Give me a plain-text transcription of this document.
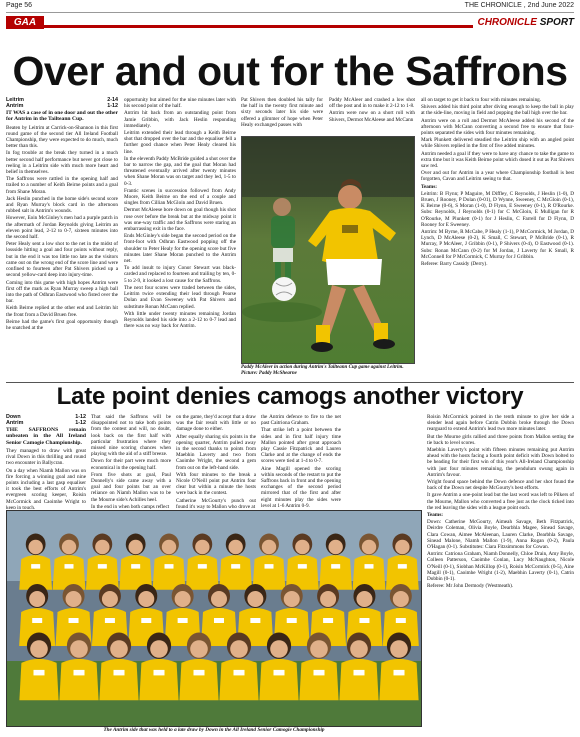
Page 56	THE CHRONICLE , 2nd June 2022
GAA	CHRONICLE SPORT
Over and out for the Saffrons
Leitrim	2-14
Antrim	1-12
IT WAS a case of in one door and out the other for Antrim in the Tailteann Cup.

Beaten by Leitrim at Carrick-on-Shannon in this first round game of the second tier All Ireland Football Championship, they were expected to do much, much better than this.

In fog trouble at the break they turned in a much better second half performance but never got close to reeling in a Leitrim side with much more heart and belief in themselves.

The Saffrons were rattled in the opening half and trailed to a number of Keith Beirne points and a goal from Shane Moran.

Jack Heslin punched in the home side's second score and Ryan Murray's block card in the afternoon rubbed salt in Antrim's wounds.

However, Eoin McGinley's men had a purple patch in the aftermath of Jordan Reynolds giving Leitrim an eleven point lead, 2-12 to 0-7, sixteen minutes into the second half.

Peter Healy sent a low shot to the net in the midst of lossside hitting a goal and four points without reply, but in the end it was too little too late as the visitors came out on the wrong end of the score line and were confined to fourteen after Pat Shivers picked up a second yellow-card deep into injury-time.

Coming into this game with high hopes Antrim were first off the mark as Ryan Murray sweep a high ball into the path of Odhran Eastwood who fisted over the bar.

Keith Beirne replied at the other end and Leitrim hit the front from a David Bruen free.

Beirne had the game's first goal opportunity though he snatched at the

opportunity but aimed for the nine minutes later with his second point of the half.

Antrim hit back from an outstanding point from Jamie Gribbin, with Jack Heslin responding immediately.

Leitrim extended their lead through a Keith Beirne shot that dropped over the bar and the equaliser fell a further good chance when Peter Healy cleared his line.

In the eleventh Paddy McBride guided a shot over the bar to narrow the gap, and the goal that Moran had threatened eventually arrived after twenty minutes when Shane Moran was on target and they led, 1-5 to 0-3.

Frantic scenes in succession followed from Andy Moore, Keith Beirne on the end of a couple and singles from Cillian McGloin and David Bruen.

Dermot McAleese bore down on goal though his shot rose over before the break but at the midway point it was one-way traffic and the Saffrons were staring an embarrassing exit in the face.

Ends McGinley's side began the second period on the front-foot with Odhran Eastwood popping off the shoulder to Peter Healy for the opening score but five minutes later Shane Moran punched to the Antrim net.

To add insult to injury Conor Stewart was black-carded and replaced to fourteen and trailing by ten, 0-5 to 2-9, it looked a lost cause for the Saffrons.

The next four scores were traded between the sides, Leitrim twice extending their lead through Pearse Dolan and Evan Sweeney with Pat Shivers and substitute Ronan McCann replied.

With little under twenty minutes remaining Jordan Reynolds landed his side into a 2-12 to 0-7 lead and there was no way back for Antrim.

Pat Shivers then doubled his tally for the half in the twenty first minute and sixty seconds later his side were offered a glimmer of hope when Peter Healy exchanged passes with

Paddy McAleer and crashed a low shot off the post and in to make it 2-12 to 1-8.

Antrim were now on a short roll with Shivers, Dermot McAleese and McCann

Paddy McAleer in action during Antrim's Tailteann Cup game against Leitrim. Picture: Paddy McShearne

all on target to get it back to four with minutes remaining.

Shivers added his third point after diving enough to keep the ball in play at the side-line, moving in field and popping the ball high over the bar.

Antrim were on a roll and Dermot McAleese added his second of the afternoon with McCann converting a second free to ensure that four-points separated the sides with four minutes remaining.

Mark Plunkett delivered steadied the Leitrim ship with an angled point while Shivers replied in the first of five added minutes.

Antrim needed a goal if they were to have any chance to take the game to extra time but it was Keith Beirne point which dosed it out as Pat Shivers saw red.

Over and out for Antrim in a year where Championship football is best forgotten, Cavan and Leitrim seeing to that.

Teams:

Leitrim: B Flynn; P Maguire, M Diffley, C Reynolds, J Heslin (1-0), D Bruen, J Rooney, P Dolan (0-01), D Wynne, Sweeney, C McGloin (0-1), K Beirne (0-6), S Moran (1-0), D Flynn, E Sweeney (0-1), R O'Rourke. Subs: Reynolds, J Reynolds (0-1) for C McGloin, E Mulligan for R O'Rourke, M Plunkett (0-1) for J Heslin, C Farrell for D Flynn, D Rooney for E Sweeney.

Antrim: M Byrne, R McCabe, P Healy (1-1), P McCormick, M Jordan, D Lynch, D McAleese (0-2), K Small, C Stewart, P McBride (0-1), R Murray, P McAleer, J Gribbin (0-1), P Shivers (0-4), O Eastwood (0-1). Subs: Ronan McCann (0-2) for M Jordan, J Laverty for K Small, R McConnell for P McCormick, C Murray for J Gribbin.

Referee: Barry Cassidy (Derry).

Late point denies camogs another victory
Down	1-12
Antrim	1-12
THE SAFFRONS remain unbeaten in the All Ireland Senior Camogie Championship.

They managed to draw with great rival Down in this thrilling and round two encounter in Ballycran.

On a day when Niamh Mallon was on fire forcing a winning goal and nine points including a last gasp equaliser it took the best efforts of Antrim's evergreen scoring keeper, Roisin McCormick and Caoimhe Wright to keep in touch.

That said the Saffrons will be disappointed not to take both points from the contest and will, no doubt, look back on the first half with particular frustration where they missed nine scoring chances when playing with the aid of a stiff breeze.

Down for their part were much more economical in the opening half.

From five shots at goal, Paul Donnelly's side came away with a goal and four points but an over reliance on Niamh Mallon was to be the Mourne side's Achilles heel.

In the end in when both camps reflect

on the game, they'd accept that a draw was the fair result with little or no damage done to either.

After equally sharing six points in the opening quarter, Antrim pulled away in the second thanks to points from Maebhin Laverty and two from Caoimhe Wright, the second a gem from out on the left-hand side.

With four minutes to the break a Nicole O'Neill point put Antrim four clear but within a minute the hosts were back in the contest.

Catherine McGourty's punch out found it's way to Mallon who drove at

the Antrim defence to fire to the net past Caitriona Graham.

That strike left a point between the sides and in first half injury time Mallon pointed after great approach play Cassie Fitzpatrick and Lauren Clarke and at the change of ends the scores were tied at 1-4 to 0-7.

Aine Magill opened the scoring within seconds of the restart to put the Saffrons back in front and the opening exchanges of the second period mirrored that of the first and after eight minutes play the sides were level at 1-6 Antrim 0-9.

Roisin McCormick pointed in the tenth minute to give her side a slender lead again before Catrin Dobbin broke through the Down rearguard to extend Antrim's lead two more minutes later.

But the Mourne girls rallied and three points from Mallon setting the tie back to level scores.

Maebhin Laverty's point with fifteen minutes remaining put Antrim ahead with the hosts facing a fourth point deficit with Down bolted to be heading for their first win of this year's All-Ireland Championship with just four minutes remaining, the pendulum swung again in Antrim's favour.

Wright found space behind the Down defence and her shot found the back of the Down net despite McGourty's best efforts.

It gave Antrim a one-point lead but the last word was left to Pilkers of the Mourne, Mallon who converted a free just as the clock ticked into the red leaving the sides with a league point each.

Teams:

Down: Catherine McGourty, Aimeah Savage, Beth Fitzpatrick, Deirdre Coleman, Olivia Boyle, Dearbhla Magee, Sinead Savage, Clara Cowan, Aimee McAleenan, Lauren Clarke, Dearbhla Savage, Sinead Malone, Niamh Mallon (1-9), Anna Rogan (0-2), Paula O'Hagan (0-1). Substitutes: Ciara Fitzsimmons for Cowan.

Antrim: Catriona Graham, Niamh Donnelly, Chloe Drain, Amy Boyle, Colleen Patterson, Caoimhe Conlan, Lucy McNaughton, Nicole O'Neill (0-1), Siobhan McKillop (0-1), Roisin McCormick (0-5), Aine Magill (0-1), Caoimhe Wright (1-2), Maebhin Laverty (0-1), Catrin Dobbin (0-1).

Referee: Mr John Dermody (Westmeath).

The Antrim side that was held to a late draw by Down in the All Ireland Senior Camogie Championship
